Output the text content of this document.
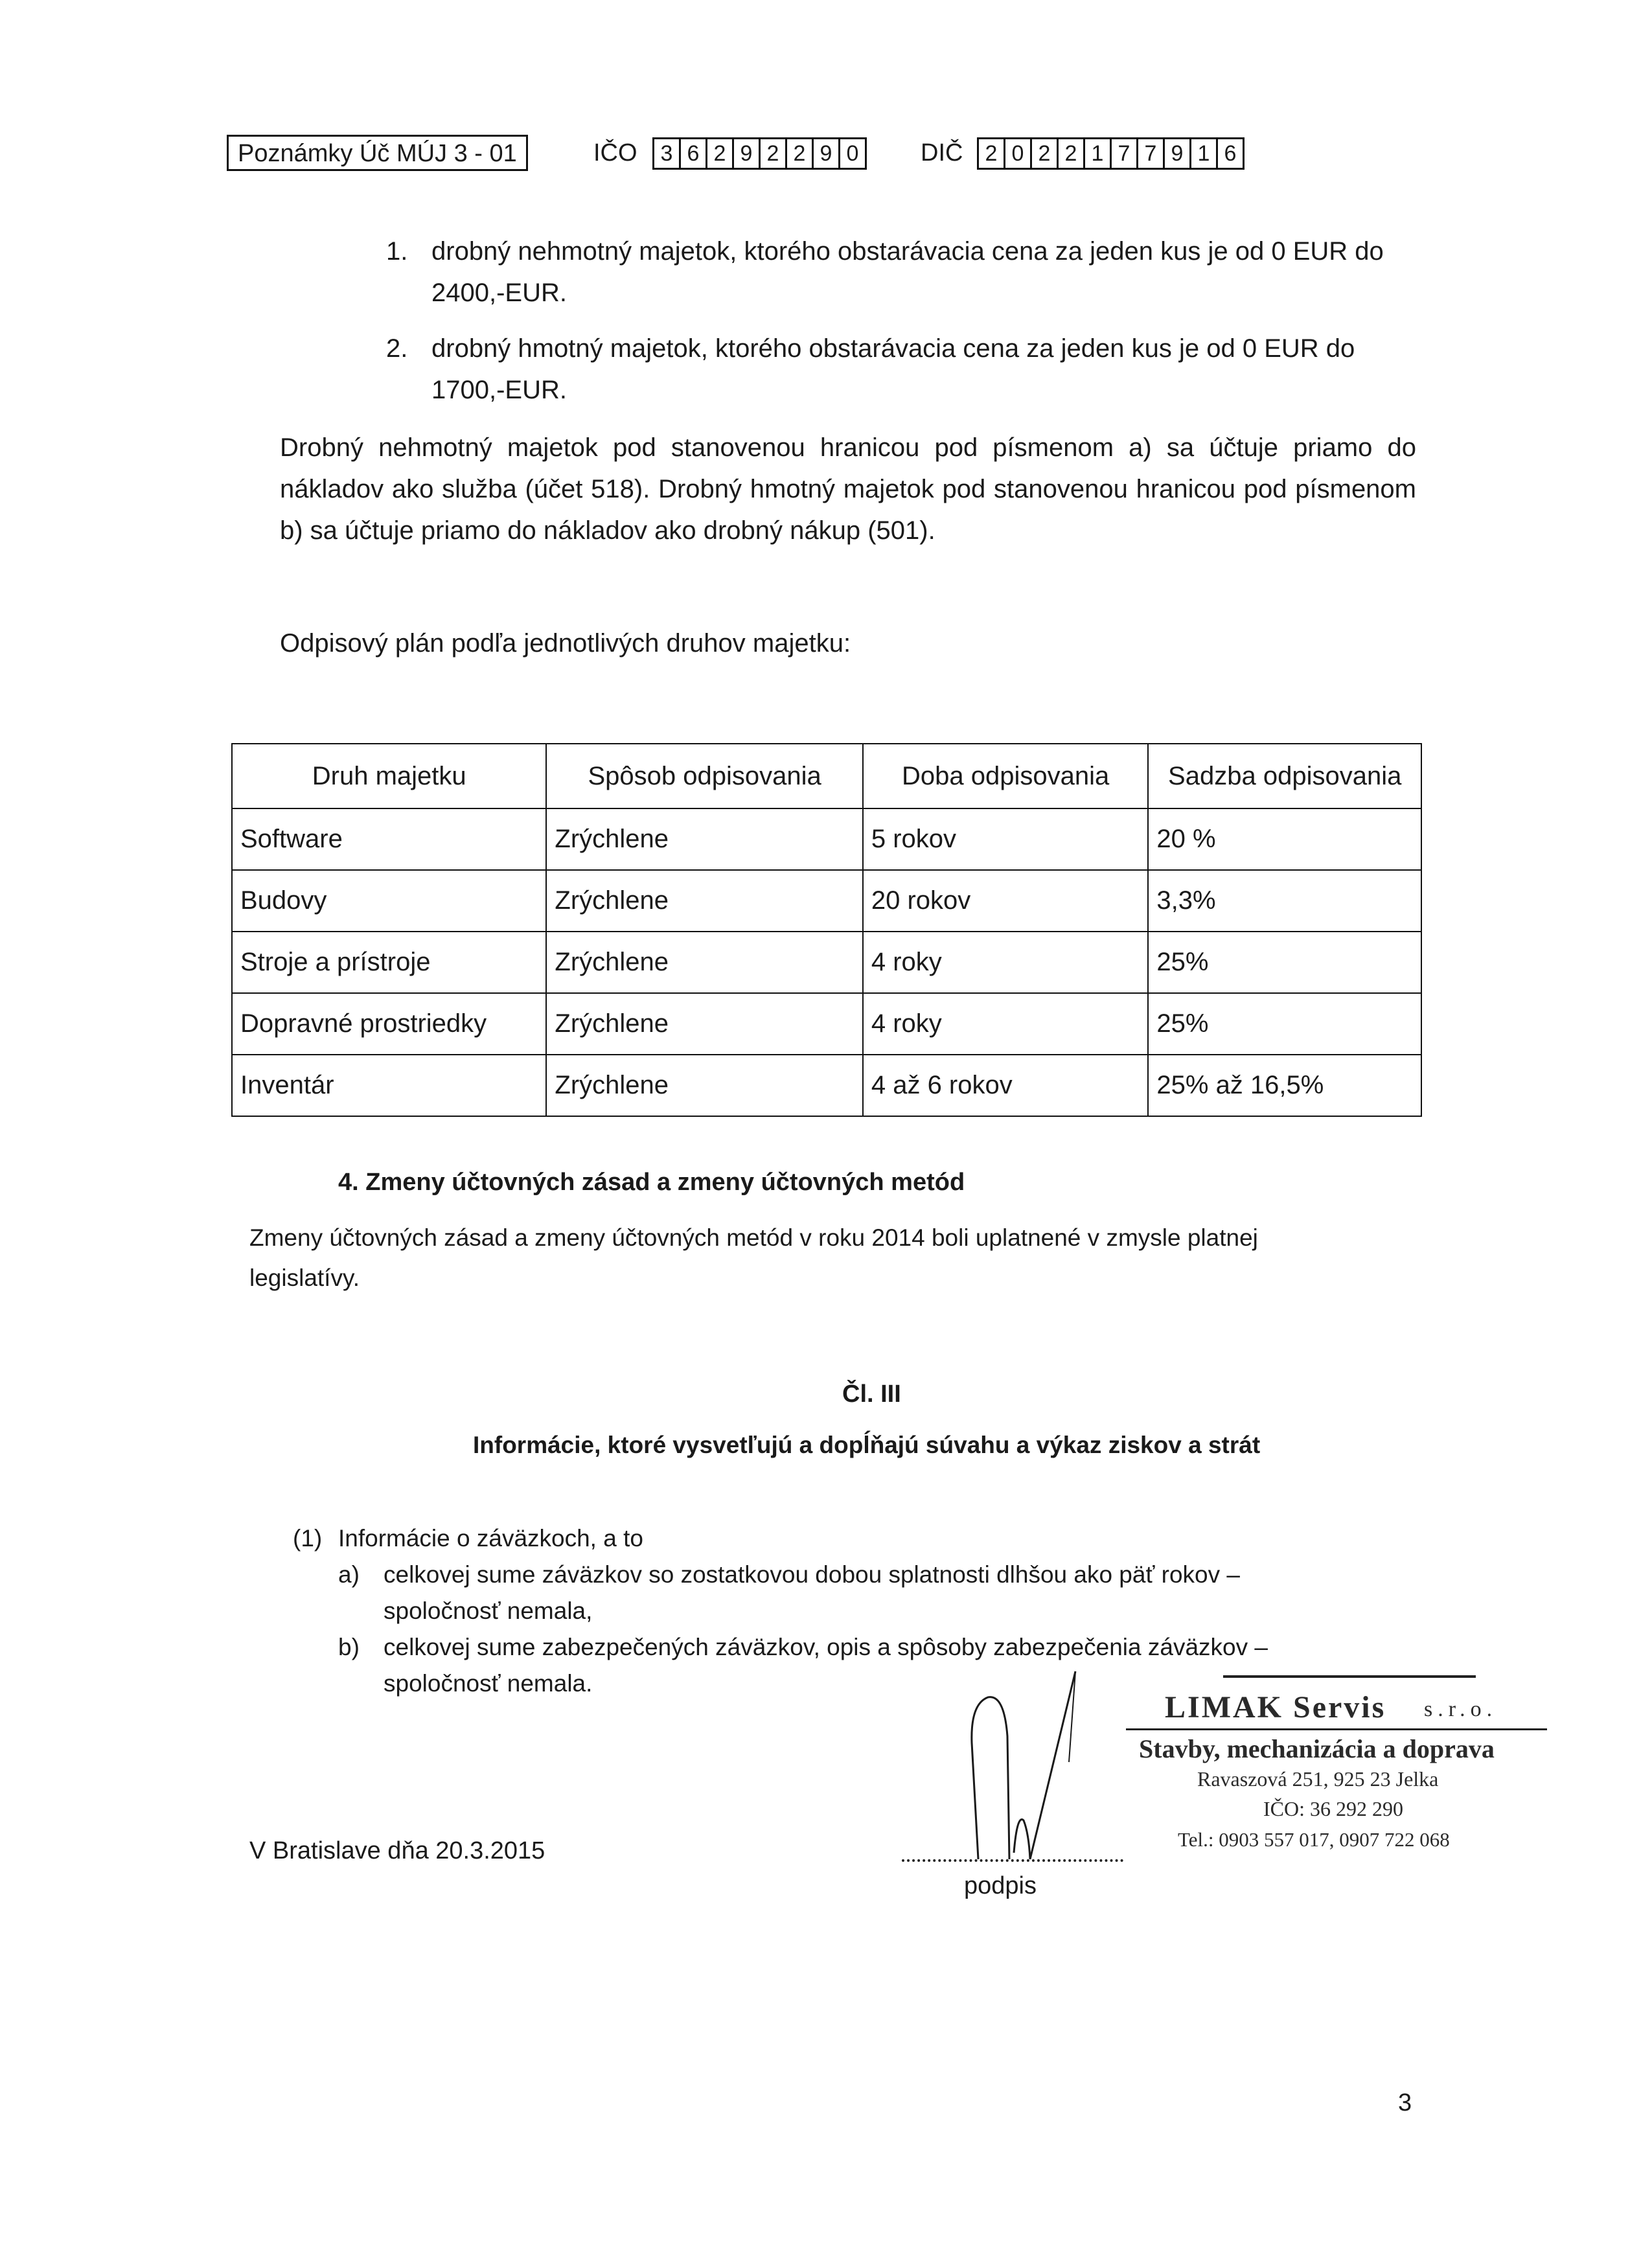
Poznámky Úč MÚJ 3 - 01	IČO 3 6 2 9 2 2 9 0	DIČ 2 0 2 2 1 7 7 9 1 6
1. drobný nehmotný majetok, ktorého obstarávacia cena za jeden kus je od 0 EUR do 2400,-EUR.
2. drobný hmotný majetok, ktorého obstarávacia cena za jeden kus je od 0 EUR do 1700,-EUR.
Drobný nehmotný majetok pod stanovenou hranicou pod písmenom a) sa účtuje priamo do nákladov ako služba (účet 518). Drobný hmotný majetok pod stanovenou hranicou pod písmenom b) sa účtuje priamo do nákladov ako drobný nákup (501).
Odpisový plán podľa jednotlivých druhov majetku:
Druh majetku	Spôsob odpisovania	Doba odpisovania	Sadzba odpisovania
Software	Zrýchlene	5 rokov	20 %
Budovy	Zrýchlene	20 rokov	3,3%
Stroje a prístroje	Zrýchlene	4 roky	25%
Dopravné prostriedky	Zrýchlene	4 roky	25%
Inventár	Zrýchlene	4 až 6 rokov	25% až 16,5%
4. Zmeny účtovných zásad a zmeny účtovných metód
Zmeny účtovných zásad a zmeny účtovných metód v roku 2014 boli uplatnené v zmysle platnej
legislatívy.
Čl. III
Informácie, ktoré vysvetľujú a dopĺňajú súvahu a výkaz ziskov a strát
(1) Informácie o záväzkoch, a to
a) celkovej sume záväzkov so zostatkovou dobou splatnosti dlhšou ako päť rokov –
spoločnosť nemala,
b) celkovej sume zabezpečených záväzkov, opis a spôsoby zabezpečenia záväzkov –
spoločnosť nemala.
LIMAK Servis s.r.o.
Stavby, mechanizácia a doprava
Ravaszová 251, 925 23 Jelka
IČO: 36 292 290
Tel.: 0903 557 017, 0907 722 068
V Bratislave dňa 20.3.2015
podpis
3
